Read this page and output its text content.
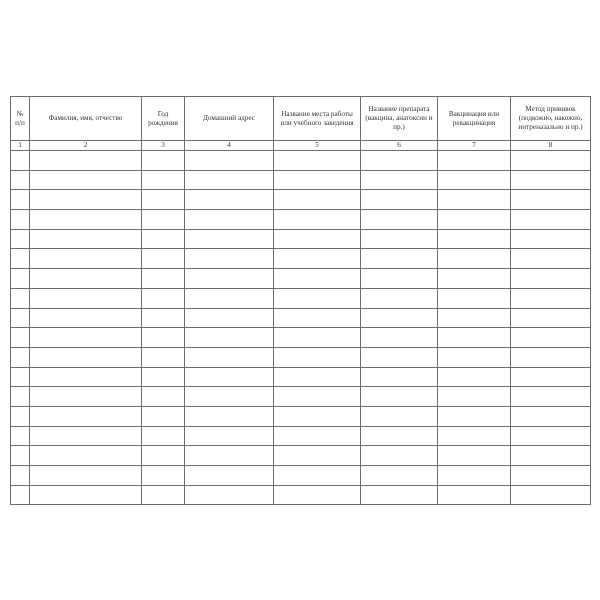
№ п/п	Фамилия, имя, отчество	Год рождения	Домашний адрес	Название места работы или учебного заведения	Название препарата (вакцина, анатоксин и пр.)	Вакцинация или ревакцинация	Метод прививок (подкожно, накожно, интреназально и пр.)
1	2	3	4	5	6	7	8
